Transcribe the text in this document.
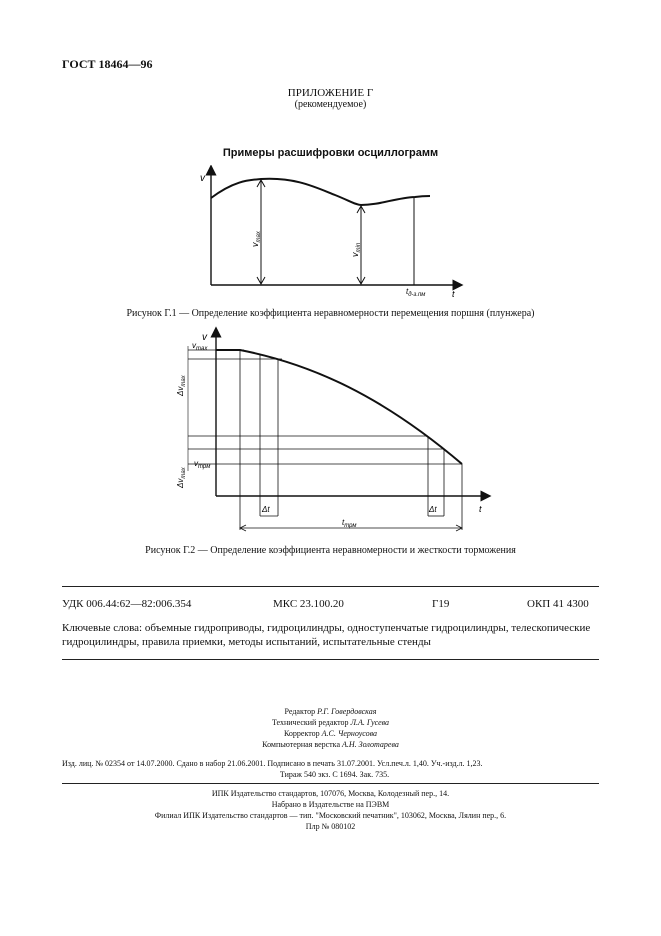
ГОСТ 18464—96
ПРИЛОЖЕНИЕ Г
(рекомендуемое)
Примеры расшифровки осциллограмм
v
t
$v_{max}$
$v_{min}$
$t_{д-з.пм}$
Рисунок Г.1 — Определение коэффициента неравномерности перемещения поршня (плунжера)
v
t
$v_{max}$
$\Delta v_{max}$
$\Delta v_{max}$
$v_{трм}$
Δt	Δt
$t_{трм}$
Рисунок Г.2 — Определение коэффициента неравномерности и жесткости торможения
УДК 006.44:62—82:006.354	МКС 23.100.20	Г19	ОКП 41 4300
Ключевые слова: объемные гидроприводы, гидроцилиндры, одноступенчатые гидроцилиндры, телескопические гидроцилиндры, правила приемки, методы испытаний, испытательные стенды
Редактор Р.Г. Говердовская
Технический редактор Л.А. Гусева
Корректор А.С. Черноусова
Компьютерная верстка А.Н. Золотарева
Изд. лиц. № 02354 от 14.07.2000. Сдано в набор 21.06.2001. Подписано в печать 31.07.2001. Усл.печ.л. 1,40. Уч.-изд.л. 1,23.
Тираж 540 экз. С 1694. Зак. 735.
ИПК Издательство стандартов, 107076, Москва, Колодезный пер., 14.
Набрано в Издательстве на ПЭВМ
Филиал ИПК Издательство стандартов — тип. "Московский печатник", 103062, Москва, Лялин пер., 6.
Плр № 080102
